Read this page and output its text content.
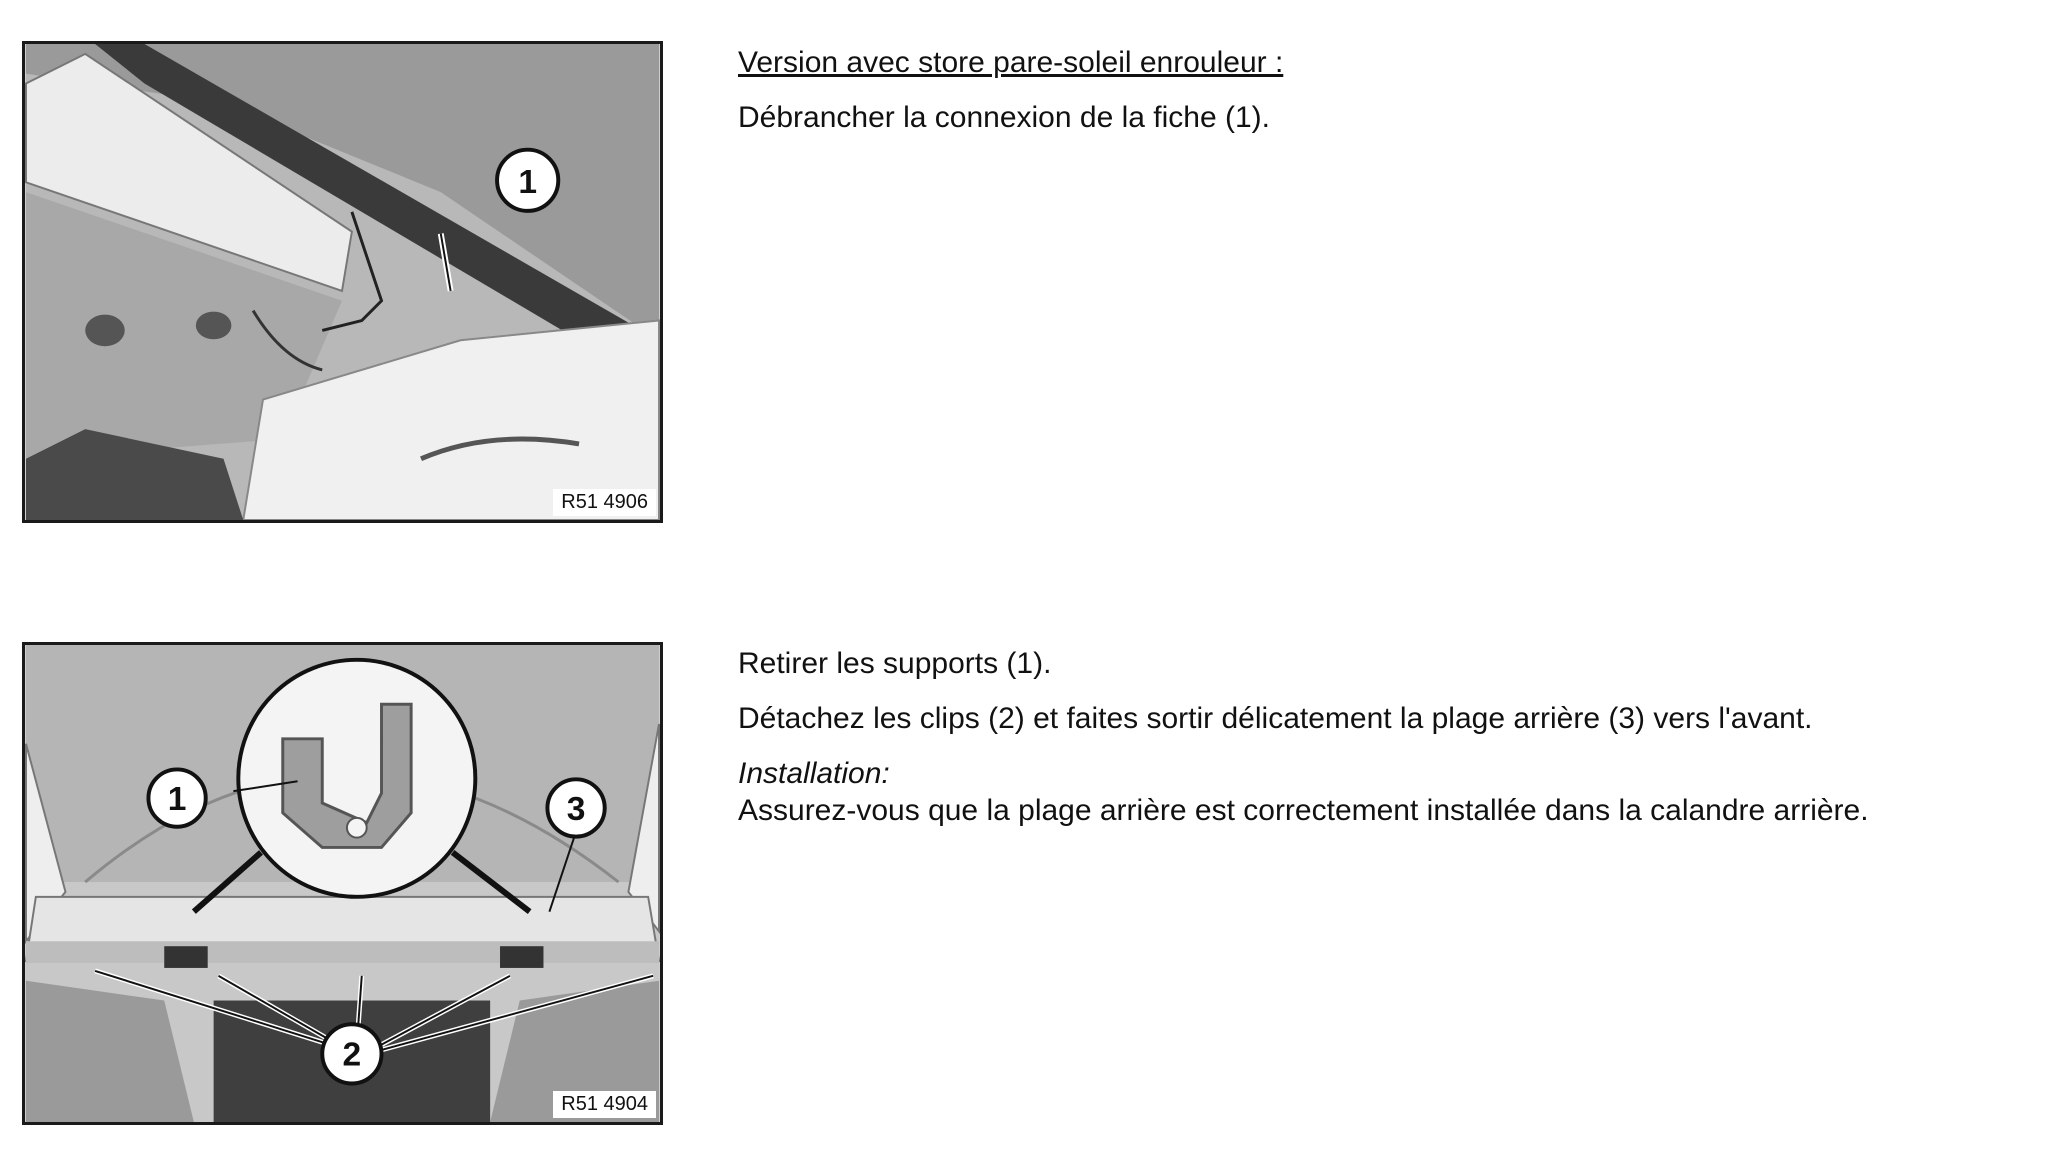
1
R51 4906

Version avec store pare-soleil enrouleur :

Débrancher la connexion de la fiche (1).

1	3
2
R51 4904

Retirer les supports (1).

Détachez les clips (2) et faites sortir délicatement la plage arrière (3) vers l'avant.

Installation:

Assurez-vous que la plage arrière est correctement installée dans la calandre arrière.
